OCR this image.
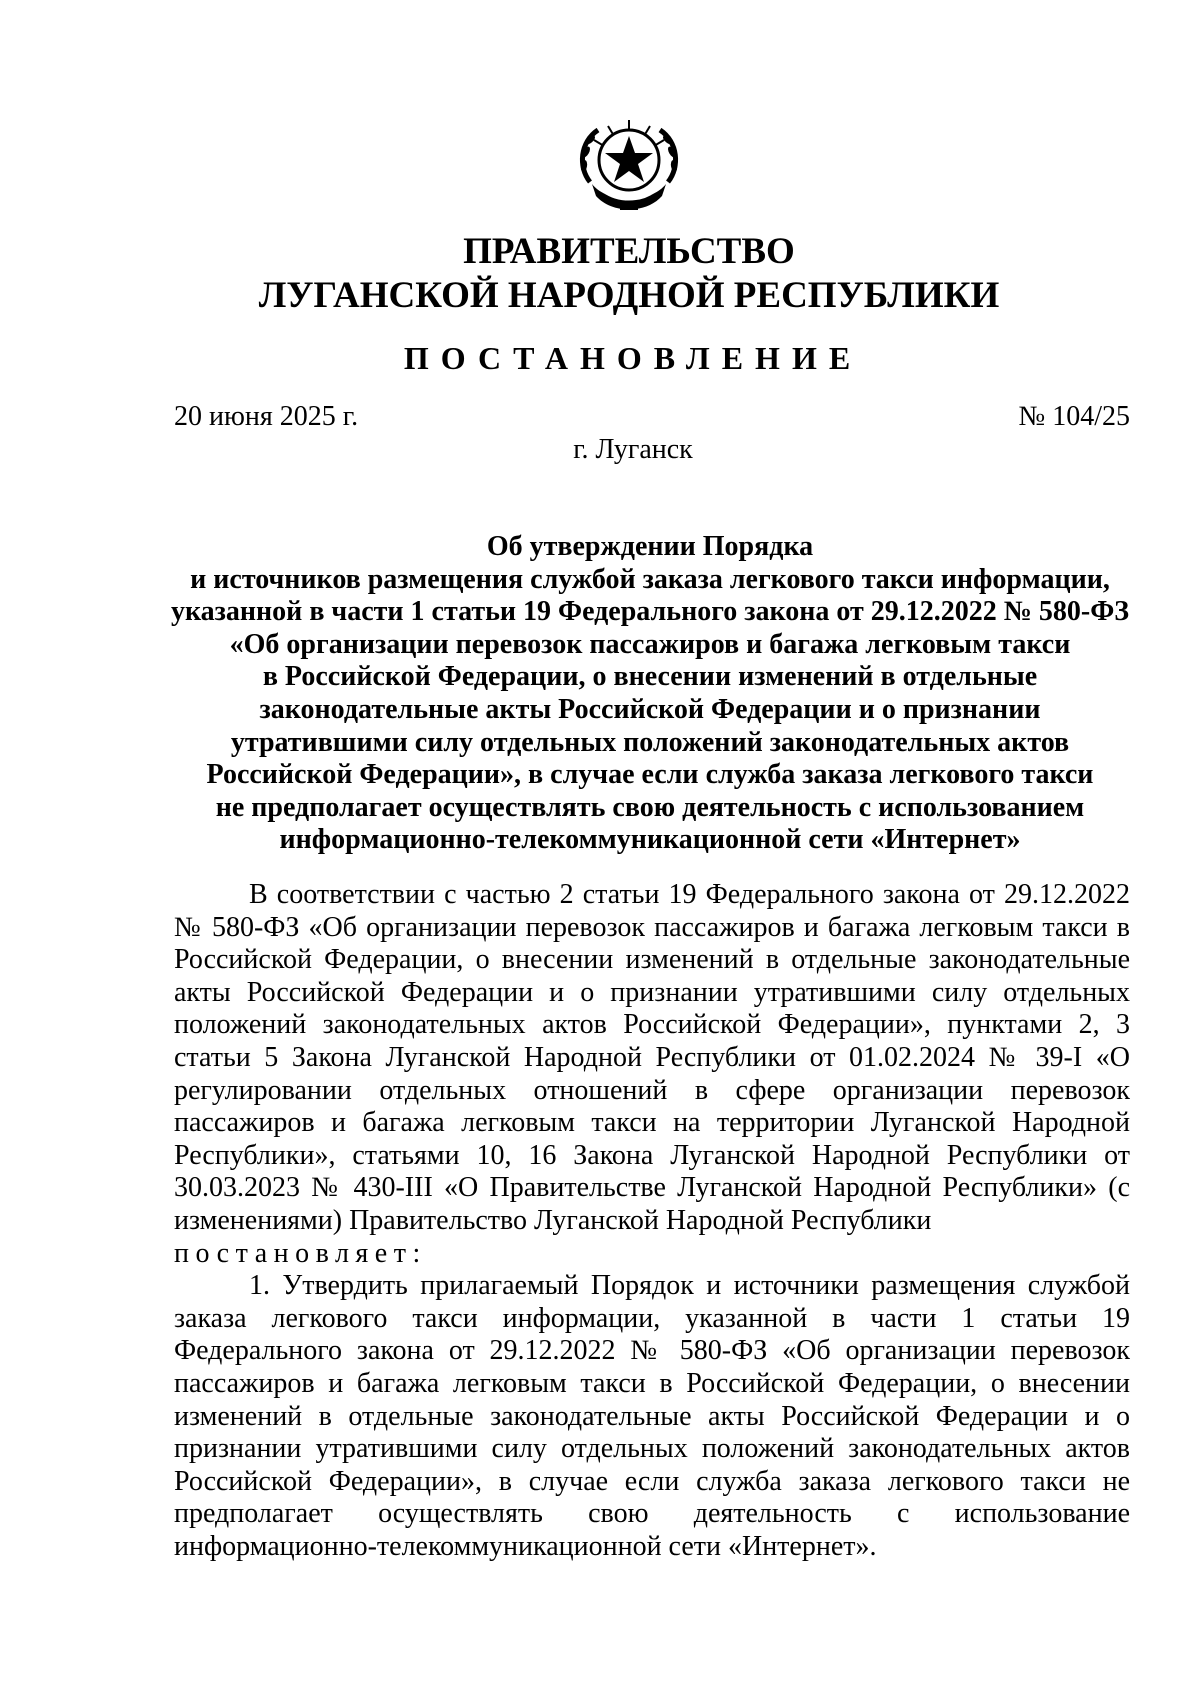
ПРАВИТЕЛЬСТВО
ЛУГАНСКОЙ НАРОДНОЙ РЕСПУБЛИКИ
ПОСТАНОВЛЕНИЕ
20 июня 2025 г.	№ 104/25
г. Луганск
Об утверждении Порядка
и источников размещения службой заказа легкового такси информации,
указанной в части 1 статьи 19 Федерального закона от 29.12.2022 № 580-ФЗ
«Об организации перевозок пассажиров и багажа легковым такси
в Российской Федерации, о внесении изменений в отдельные
законодательные акты Российской Федерации и о признании
утратившими силу отдельных положений законодательных актов
Российской Федерации», в случае если служба заказа легкового такси
не предполагает осуществлять свою деятельность с использованием
информационно-телекоммуникационной сети «Интернет»

В соответствии с частью 2 статьи 19 Федерального закона от 29.12.2022 № 580-ФЗ «Об организации перевозок пассажиров и багажа легковым такси в Российской Федерации, о внесении изменений в отдельные законодательные акты Российской Федерации и о признании утратившими силу отдельных положений законодательных актов Российской Федерации», пунктами 2, 3 статьи 5 Закона Луганской Народной Республики от 01.02.2024 № 39-I «О регулировании отдельных отношений в сфере организации перевозок пассажиров и багажа легковым такси на территории Луганской Народной Республики», статьями 10, 16 Закона Луганской Народной Республики от 30.03.2023 № 430-III «О Правительстве Луганской Народной Республики» (с изменениями) Правительство Луганской Народной Республики

постановляет:

1. Утвердить прилагаемый Порядок и источники размещения службой заказа легкового такси информации, указанной в части 1 статьи 19 Федерального закона от 29.12.2022 № 580-ФЗ «Об организации перевозок пассажиров и багажа легковым такси в Российской Федерации, о внесении изменений в отдельные законодательные акты Российской Федерации и о признании утратившими силу отдельных положений законодательных актов Российской Федерации», в случае если служба заказа легкового такси не предполагает осуществлять свою деятельность с использование информационно-телекоммуникационной сети «Интернет».
